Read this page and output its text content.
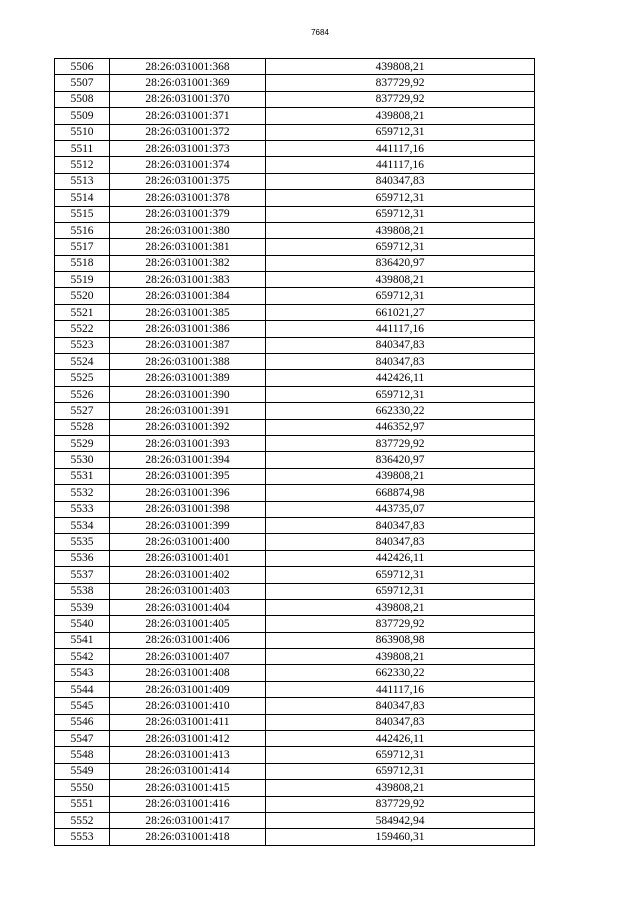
7684
5506	28:26:031001:368	439808,21
5507	28:26:031001:369	837729,92
5508	28:26:031001:370	837729,92
5509	28:26:031001:371	439808,21
5510	28:26:031001:372	659712,31
5511	28:26:031001:373	441117,16
5512	28:26:031001:374	441117,16
5513	28:26:031001:375	840347,83
5514	28:26:031001:378	659712,31
5515	28:26:031001:379	659712,31
5516	28:26:031001:380	439808,21
5517	28:26:031001:381	659712,31
5518	28:26:031001:382	836420,97
5519	28:26:031001:383	439808,21
5520	28:26:031001:384	659712,31
5521	28:26:031001:385	661021,27
5522	28:26:031001:386	441117,16
5523	28:26:031001:387	840347,83
5524	28:26:031001:388	840347,83
5525	28:26:031001:389	442426,11
5526	28:26:031001:390	659712,31
5527	28:26:031001:391	662330,22
5528	28:26:031001:392	446352,97
5529	28:26:031001:393	837729,92
5530	28:26:031001:394	836420,97
5531	28:26:031001:395	439808,21
5532	28:26:031001:396	668874,98
5533	28:26:031001:398	443735,07
5534	28:26:031001:399	840347,83
5535	28:26:031001:400	840347,83
5536	28:26:031001:401	442426,11
5537	28:26:031001:402	659712,31
5538	28:26:031001:403	659712,31
5539	28:26:031001:404	439808,21
5540	28:26:031001:405	837729,92
5541	28:26:031001:406	863908,98
5542	28:26:031001:407	439808,21
5543	28:26:031001:408	662330,22
5544	28:26:031001:409	441117,16
5545	28:26:031001:410	840347,83
5546	28:26:031001:411	840347,83
5547	28:26:031001:412	442426,11
5548	28:26:031001:413	659712,31
5549	28:26:031001:414	659712,31
5550	28:26:031001:415	439808,21
5551	28:26:031001:416	837729,92
5552	28:26:031001:417	584942,94
5553	28:26:031001:418	159460,31
